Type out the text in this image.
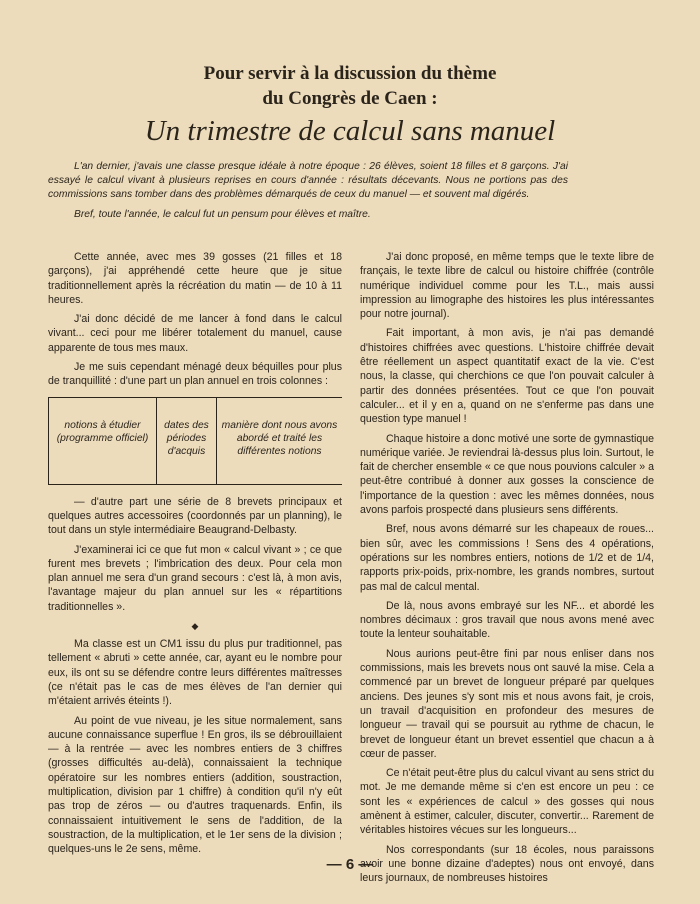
Pour servir à la discussion du thème
du Congrès de Caen :
Un trimestre de calcul sans manuel

L'an dernier, j'avais une classe presque idéale à notre époque : 26 élèves, soient 18 filles et 8 garçons. J'ai essayé le calcul vivant à plusieurs reprises en cours d'année : résultats décevants. Nous ne portions pas des commissions sans tomber dans des problèmes démarqués de ceux du manuel — et souvent mal digérés.

Bref, toute l'année, le calcul fut un pensum pour élèves et maître.

Cette année, avec mes 39 gosses (21 filles et 18 garçons), j'ai appréhendé cette heure que je situe traditionnellement après la récréation du matin — de 10 à 11 heures.

J'ai donc décidé de me lancer à fond dans le calcul vivant... ceci pour me libérer totalement du manuel, cause apparente de tous mes maux.

Je me suis cependant ménagé deux béquilles pour plus de tranquillité : d'une part un plan annuel en trois colonnes :

notions à étudier (programme officiel)
dates des périodes d'acquis
manière dont nous avons abordé et traité les différentes notions

— d'autre part une série de 8 brevets principaux et quelques autres accessoires (coordonnés par un planning), le tout dans un style intermédiaire Beaugrand-Delbasty.

J'examinerai ici ce que fut mon « calcul vivant » ; ce que furent mes brevets ; l'imbrication des deux. Pour cela mon plan annuel me sera d'un grand secours : c'est là, à mon avis, l'avantage majeur du plan annuel sur les « répartitions traditionnelles ».

◆

Ma classe est un CM1 issu du plus pur traditionnel, pas tellement « abruti » cette année, car, ayant eu le nombre pour eux, ils ont su se défendre contre leurs différentes maîtresses (ce n'était pas le cas de mes élèves de l'an dernier qui m'étaient arrivés éteints !).

Au point de vue niveau, je les situe normalement, sans aucune connaissance superflue ! En gros, ils se débrouillaient — à la rentrée — avec les nombres entiers de 3 chiffres (grosses difficultés au-delà), connaissaient la technique opératoire sur les nombres entiers (addition, soustraction, multiplication, division par 1 chiffre) à condition qu'il n'y eût pas trop de zéros — ou d'autres traquenards. Enfin, ils connaissaient intuitivement le sens de l'addition, de la soustraction, de la multiplication, et le 1er sens de la division ; quelques-uns le 2e sens, même.

J'ai donc proposé, en même temps que le texte libre de français, le texte libre de calcul ou histoire chiffrée (contrôle numérique individuel comme pour les T.L., mais aussi impression au limographe des histoires les plus intéressantes pour notre journal).

Fait important, à mon avis, je n'ai pas demandé d'histoires chiffrées avec questions. L'histoire chiffrée devait être réellement un aspect quantitatif exact de la vie. C'est nous, la classe, qui cherchions ce que l'on pouvait calculer à partir des données présentées. Tout ce que l'on pouvait calculer... et il y en a, quand on ne s'enferme pas dans une question type manuel !

Chaque histoire a donc motivé une sorte de gymnastique numérique variée. Je reviendrai là-dessus plus loin. Surtout, le fait de chercher ensemble « ce que nous pouvions calculer » a peut-être contribué à donner aux gosses la conscience de l'importance de la question : avec les mêmes données, nous avons parfois prospecté dans plusieurs sens différents.

Bref, nous avons démarré sur les chapeaux de roues... bien sûr, avec les commissions ! Sens des 4 opérations, opérations sur les nombres entiers, notions de 1/2 et de 1/4, rapports prix-poids, prix-nombre, les grands nombres, surtout pas mal de calcul mental.

De là, nous avons embrayé sur les NF... et abordé les nombres décimaux : gros travail que nous avons mené avec toute la lenteur souhaitable.

Nous aurions peut-être fini par nous enliser dans nos commissions, mais les brevets nous ont sauvé la mise. Cela a commencé par un brevet de longueur préparé par quelques anciens. Des jeunes s'y sont mis et nous avons fait, je crois, un travail d'acquisition en profondeur des mesures de longueur — travail qui se poursuit au rythme de chacun, le brevet de longueur étant un brevet essentiel que chacun a à cœur de passer.

Ce n'était peut-être plus du calcul vivant au sens strict du mot. Je me demande même si c'en est encore un peu : ce sont les « expériences de calcul » des gosses qui nous amènent à estimer, calculer, discuter, convertir... Rarement de véritables histoires vécues sur les longueurs...

Nos correspondants (sur 18 écoles, nous paraissons avoir une bonne dizaine d'adeptes) nous ont envoyé, dans leurs journaux, de nombreuses histoires

— 6 —
